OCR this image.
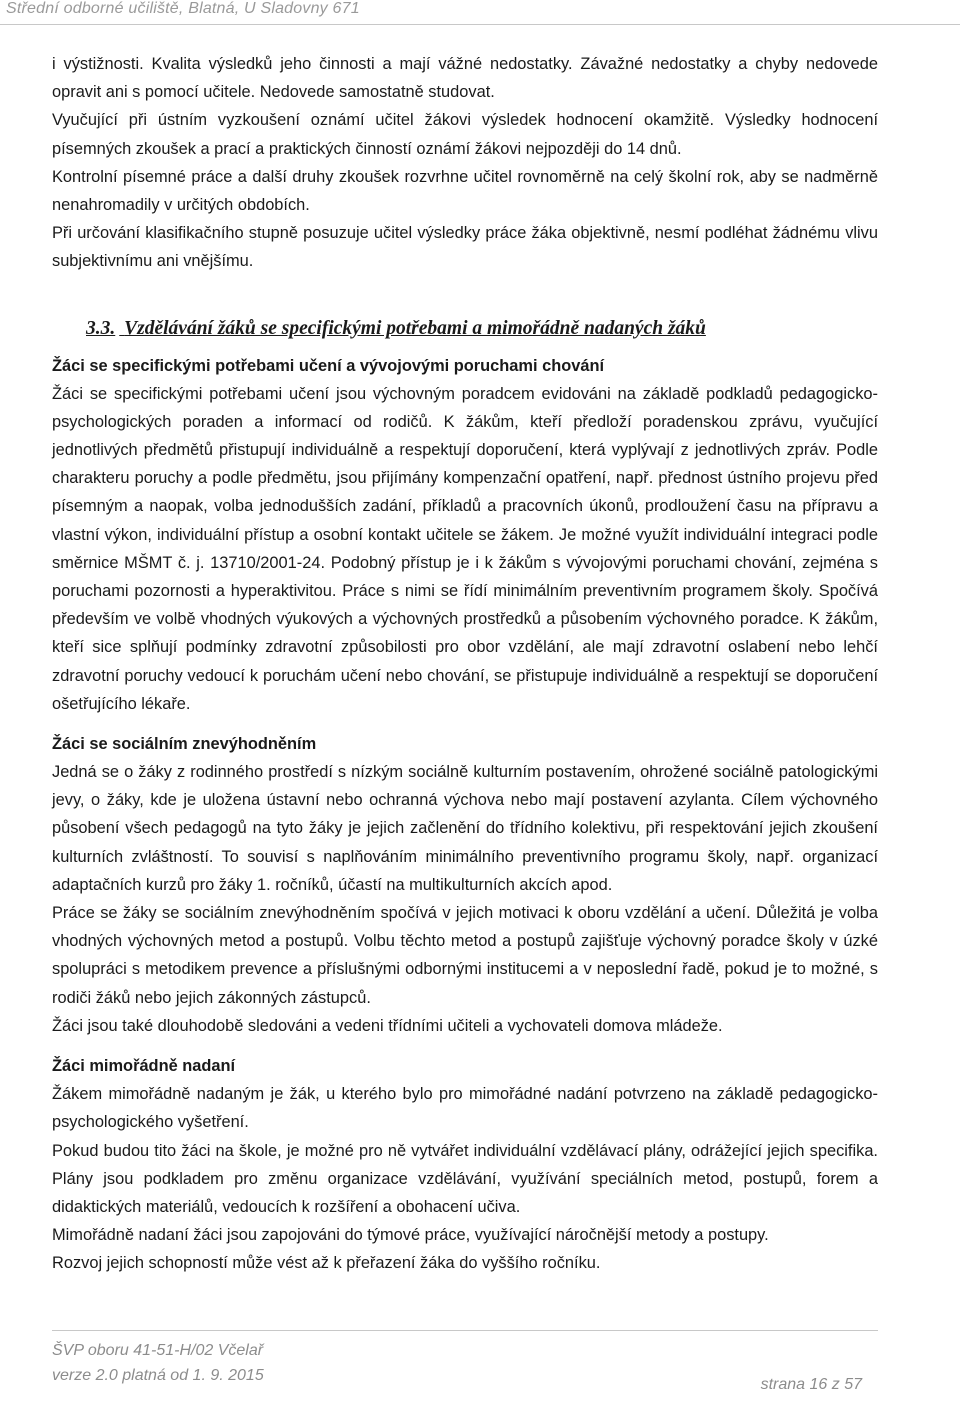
Střední odborné učiliště, Blatná, U Sladovny 671

i výstižnosti. Kvalita výsledků jeho činnosti a mají vážné nedostatky. Závažné nedostatky a chyby nedovede opravit ani s pomocí učitele. Nedovede samostatně studovat.

Vyučující při ústním vyzkoušení oznámí učitel žákovi výsledek hodnocení okamžitě. Výsledky hodnocení písemných zkoušek a prací a praktických činností oznámí žákovi nejpozději do 14 dnů.

Kontrolní písemné práce a další druhy zkoušek rozvrhne učitel rovnoměrně na celý školní rok, aby se nadměrně nenahromadily v určitých obdobích.

Při určování klasifikačního stupně posuzuje učitel výsledky práce žáka objektivně, nesmí podléhat žádnému vlivu subjektivnímu ani vnějšímu.

3.3. Vzdělávání žáků se specifickými potřebami a mimořádně nadaných žáků

Žáci se specifickými potřebami učení a vývojovými poruchami chování

Žáci se specifickými potřebami učení jsou výchovným poradcem evidováni na základě podkladů pedagogicko-psychologických poraden a informací od rodičů. K žákům, kteří předloží poradenskou zprávu, vyučující jednotlivých předmětů přistupují individuálně a respektují doporučení, která vyplývají z jednotlivých zpráv. Podle charakteru poruchy a podle předmětu, jsou přijímány kompenzační opatření, např. přednost ústního projevu před písemným a naopak, volba jednodušších zadání, příkladů a pracovních úkonů, prodloužení času na přípravu a vlastní výkon, individuální přístup a osobní kontakt učitele se žákem. Je možné využít individuální integraci podle směrnice MŠMT č. j. 13710/2001-24. Podobný přístup je i k žákům s vývojovými poruchami chování, zejména s poruchami pozornosti a hyperaktivitou. Práce s nimi se řídí minimálním preventivním programem školy. Spočívá především ve volbě vhodných výukových a výchovných prostředků a působením výchovného poradce. K žákům, kteří sice splňují podmínky zdravotní způsobilosti pro obor vzdělání, ale mají zdravotní oslabení nebo lehčí zdravotní poruchy vedoucí k poruchám učení nebo chování, se přistupuje individuálně a respektují se doporučení ošetřujícího lékaře.

Žáci se sociálním znevýhodněním

Jedná se o žáky z rodinného prostředí s nízkým sociálně kulturním postavením, ohrožené sociálně patologickými jevy, o žáky, kde je uložena ústavní nebo ochranná výchova nebo mají postavení azylanta. Cílem výchovného působení všech pedagogů na tyto žáky je jejich začlenění do třídního kolektivu, při respektování jejich zkoušení kulturních zvláštností. To souvisí s naplňováním minimálního preventivního programu školy, např. organizací adaptačních kurzů pro žáky 1. ročníků, účastí na multikulturních akcích apod.

Práce se žáky se sociálním znevýhodněním spočívá v jejich motivaci k oboru vzdělání a učení. Důležitá je volba vhodných výchovných metod a postupů. Volbu těchto metod a postupů zajišťuje výchovný poradce školy v úzké spolupráci s metodikem prevence a příslušnými odbornými institucemi a v neposlední řadě, pokud je to možné, s rodiči žáků nebo jejich zákonných zástupců.

Žáci jsou také dlouhodobě sledováni a vedeni třídními učiteli a vychovateli domova mládeže.

Žáci mimořádně nadaní

Žákem mimořádně nadaným je žák, u kterého bylo pro mimořádné nadání potvrzeno na základě pedagogicko-psychologického vyšetření.

Pokud budou tito žáci na škole, je možné pro ně vytvářet individuální vzdělávací plány, odrážející jejich specifika. Plány jsou podkladem pro změnu organizace vzdělávání, využívání speciálních metod, postupů, forem a didaktických materiálů, vedoucích k rozšíření a obohacení učiva.

Mimořádně nadaní žáci jsou zapojováni do týmové práce, využívající náročnější metody a postupy.

Rozvoj jejich schopností může vést až k přeřazení žáka do vyššího ročníku.

ŠVP oboru 41-51-H/02 Včelař
verze 2.0 platná od 1. 9. 2015
strana 16 z 57
